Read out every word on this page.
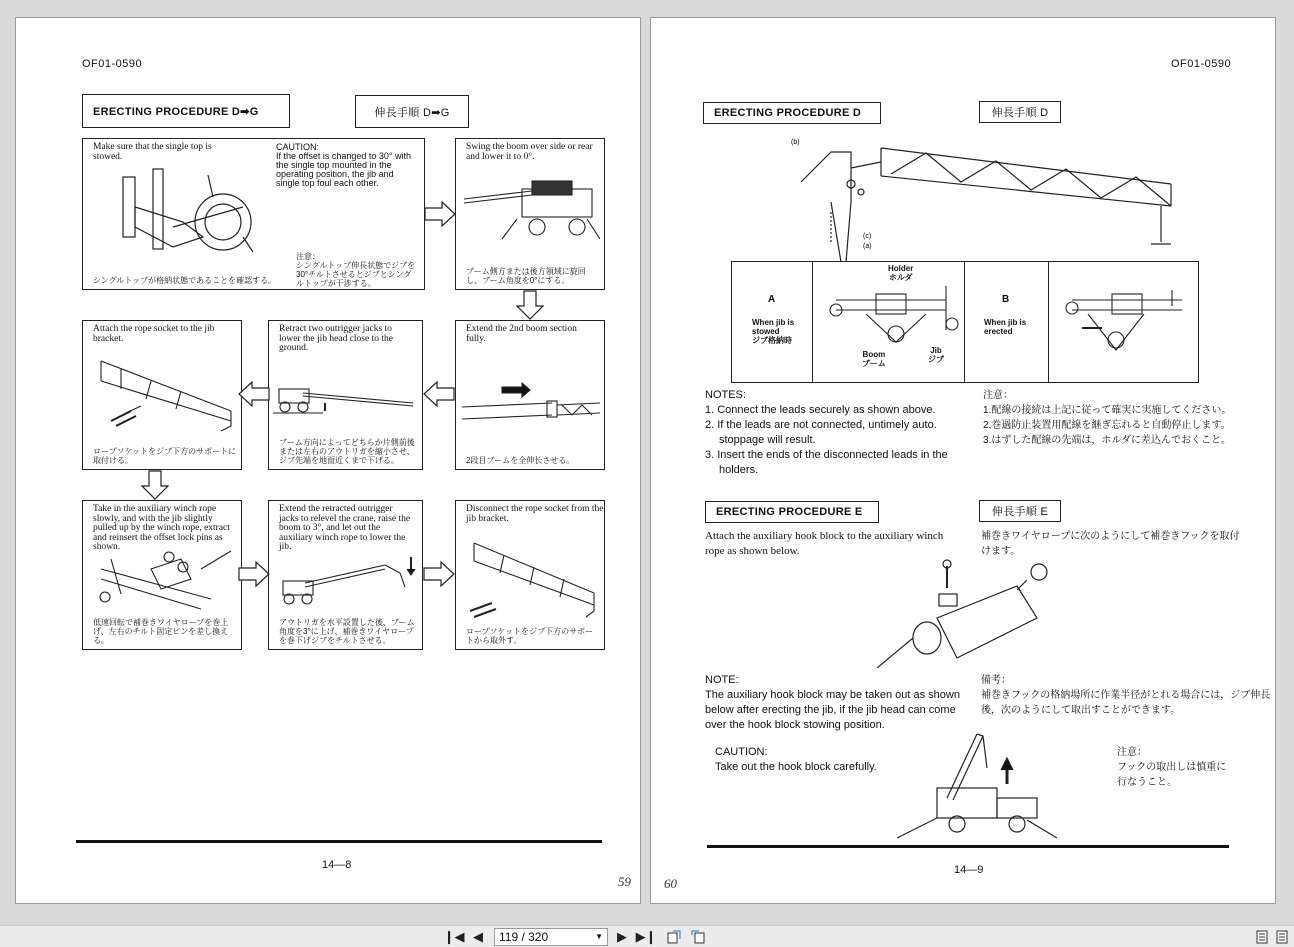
OF01-0590
ERECTING PROCEDURE D➡G	伸長手順 D➡G
Make sure that the single top is stowed.
CAUTION:
If the offset is changed to 30° with the single top mounted in the operating position, the jib and single top foul each other.
注意：
シングルトップ伸長状態でジブを30°チルトさせるとジブとシングルトップが干渉する。
シングルトップが格納状態であることを確認する。
Swing the boom over side or rear and lower it to 0°.
ブーム側方または後方領域に旋回し、ブーム角度を0°にする。
Attach the rope socket to the jib bracket.
ロープソケットをジブ下方のサポートに取付ける。
Retract two outrigger jacks to lower the jib head close to the ground.
ブーム方向によってどちらか片側前後または左右のアウトリガを縮小させ、ジブ先端を地面近くまで下げる。
Extend the 2nd boom section fully.
2段目ブームを全伸长させる。
Take in the auxiliary winch rope slowly, and with the jib slightly pulled up by the winch rope, extract and reinsert the offset lock pins as shown.
低速回転で補巻きワイヤロープを巻上げ、左右のチルト固定ピンを差し換える。
Extend the retracted outrigger jacks to relevel the crane, raise the boom to 3°, and let out the auxiliary winch rope to lower the jib.
アウトリガを水平設置した後、ブーム角度を3°に上げ、補巻きワイヤロープを巻下げジブをチルトさせる。
Disconnect the rope socket from the jib bracket.
ロープソケットをジブ下方のサポートから取外す。
14—8
59
OF01-0590
ERECTING PROCEDURE D	伸長手順 D
(b)
(c)
(a)
A
When jib is stowed
ジブ格納時
Holder
ホルダ
Boom
ブーム
Jib
ジブ
B
When jib is erected
NOTES:
1. Connect the leads securely as shown above.
2. If the leads are not connected, untimely auto. stoppage will result.
3. Insert the ends of the disconnected leads in the holders.
注意：
1.配線の接続は上記に従って確実に実施してください。
2.巻過防止装置用配線を継ぎ忘れると自動停止します。
3.はずした配線の先端は，ホルダに差込んでおくこと。
ERECTING PROCEDURE E	伸長手順 E
Attach the auxiliary hook block to the auxiliary winch rope as shown below.
補巻きワイヤロープに次のようにして補巻きフックを取付けます。
NOTE:
The auxiliary hook block may be taken out as shown below after erecting the jib, if the jib head can come over the hook block stowing position.
備考：
補巻きフックの格納場所に作業半径がとれる場合には，ジブ伸長後，次のようにして取出すことができます。
CAUTION:
Take out the hook block carefully.
注意：
フックの取出しは慎重に行なうこと。
14—9
60
❙◀ ◀	119 / 320	▼ ▶ ▶❙
